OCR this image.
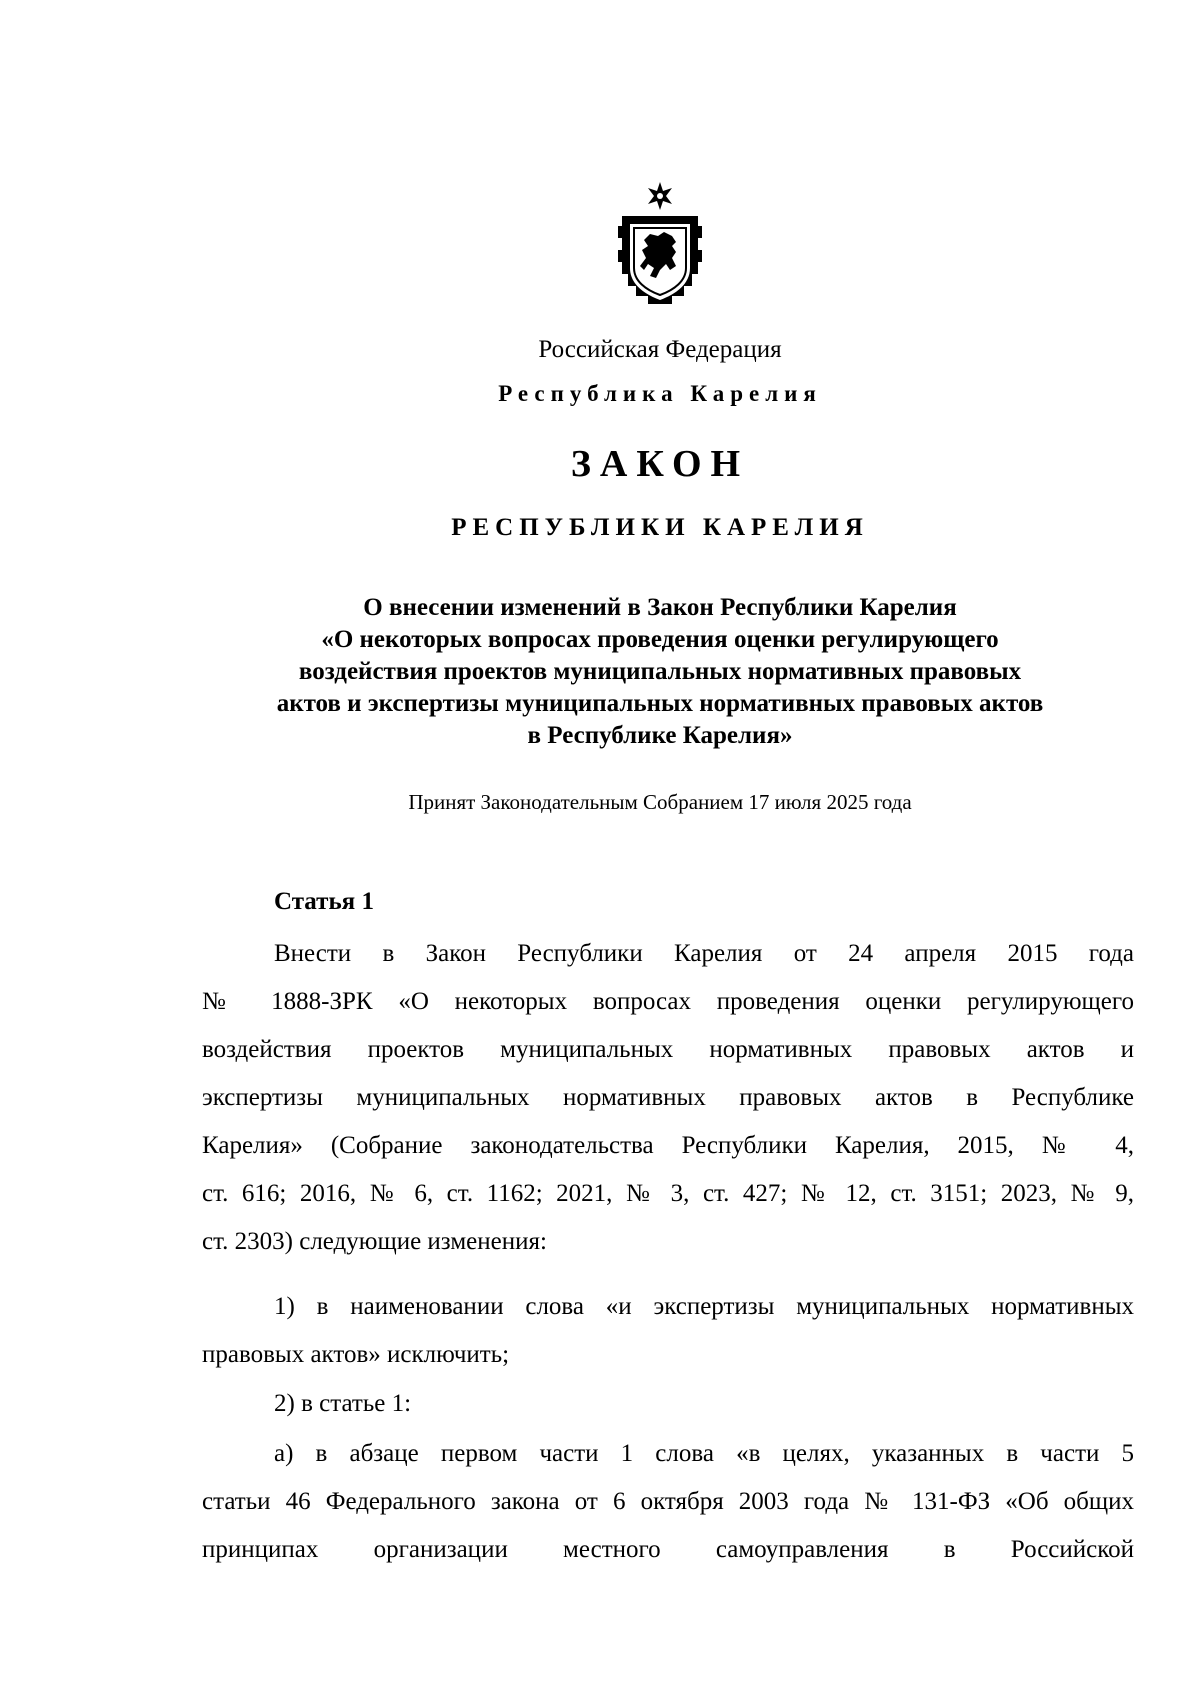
Российская Федерация
Республика Карелия
ЗАКОН
РЕСПУБЛИКИ КАРЕЛИЯ
О внесении изменений в Закон Республики Карелия
«О некоторых вопросах проведения оценки регулирующего
воздействия проектов муниципальных нормативных правовых
актов и экспертизы муниципальных нормативных правовых актов
в Республике Карелия»
Принят Законодательным Собранием 17 июля 2025 года
Статья 1
Внести в Закон Республики Карелия от 24 апреля 2015 года
№ 1888-ЗРК «О некоторых вопросах проведения оценки регулирующего
воздействия проектов муниципальных нормативных правовых актов и
экспертизы муниципальных нормативных правовых актов в Республике
Карелия» (Собрание законодательства Республики Карелия, 2015, № 4,
ст. 616; 2016, № 6, ст. 1162; 2021, № 3, ст. 427; № 12, ст. 3151; 2023, № 9,
ст. 2303) следующие изменения:
1) в наименовании слова «и экспертизы муниципальных нормативных
правовых актов» исключить;
2) в статье 1:
а) в абзаце первом части 1 слова «в целях, указанных в части 5
статьи 46 Федерального закона от 6 октября 2003 года № 131-ФЗ «Об общих
принципах организации местного самоуправления в Российской
